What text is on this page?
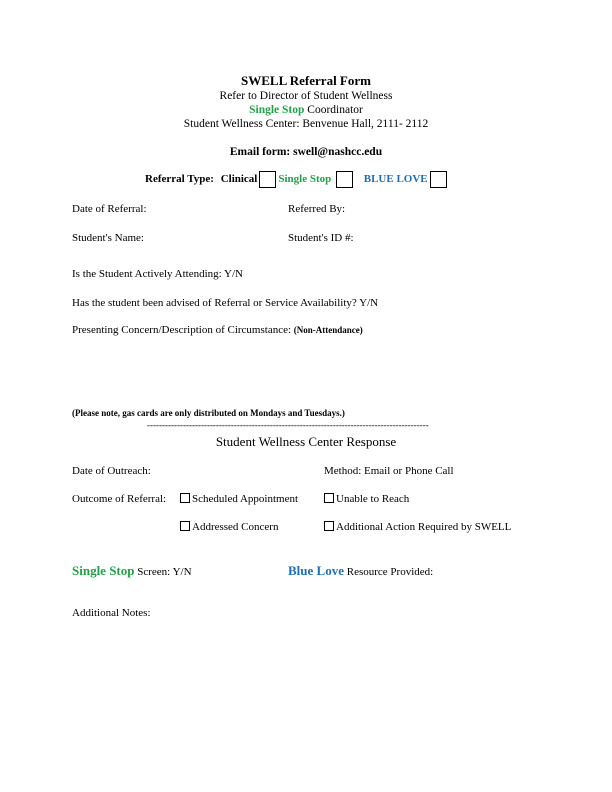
SWELL Referral Form
Refer to Director of Student Wellness
Single Stop Coordinator
Student Wellness Center: Benvenue Hall, 2111- 2112
Email form: swell@nashcc.edu
Referral Type: Clinical Single Stop	BLUE LOVE
Date of Referral:	Referred By:
Student's Name:	Student's ID #:
Is the Student Actively Attending: Y/N
Has the student been advised of Referral or Service Availability? Y/N
Presenting Concern/Description of Circumstance: (Non-Attendance)
(Please note, gas cards are only distributed on Mondays and Tuesdays.)
----------------------------------------------------------------------------------------------
Student Wellness Center Response
Date of Outreach:	Method: Email or Phone Call
Outcome of Referral:	Scheduled Appointment	Unable to Reach
Addressed Concern	Additional Action Required by SWELL
Single Stop Screen: Y/N	Blue Love Resource Provided:
Additional Notes:
